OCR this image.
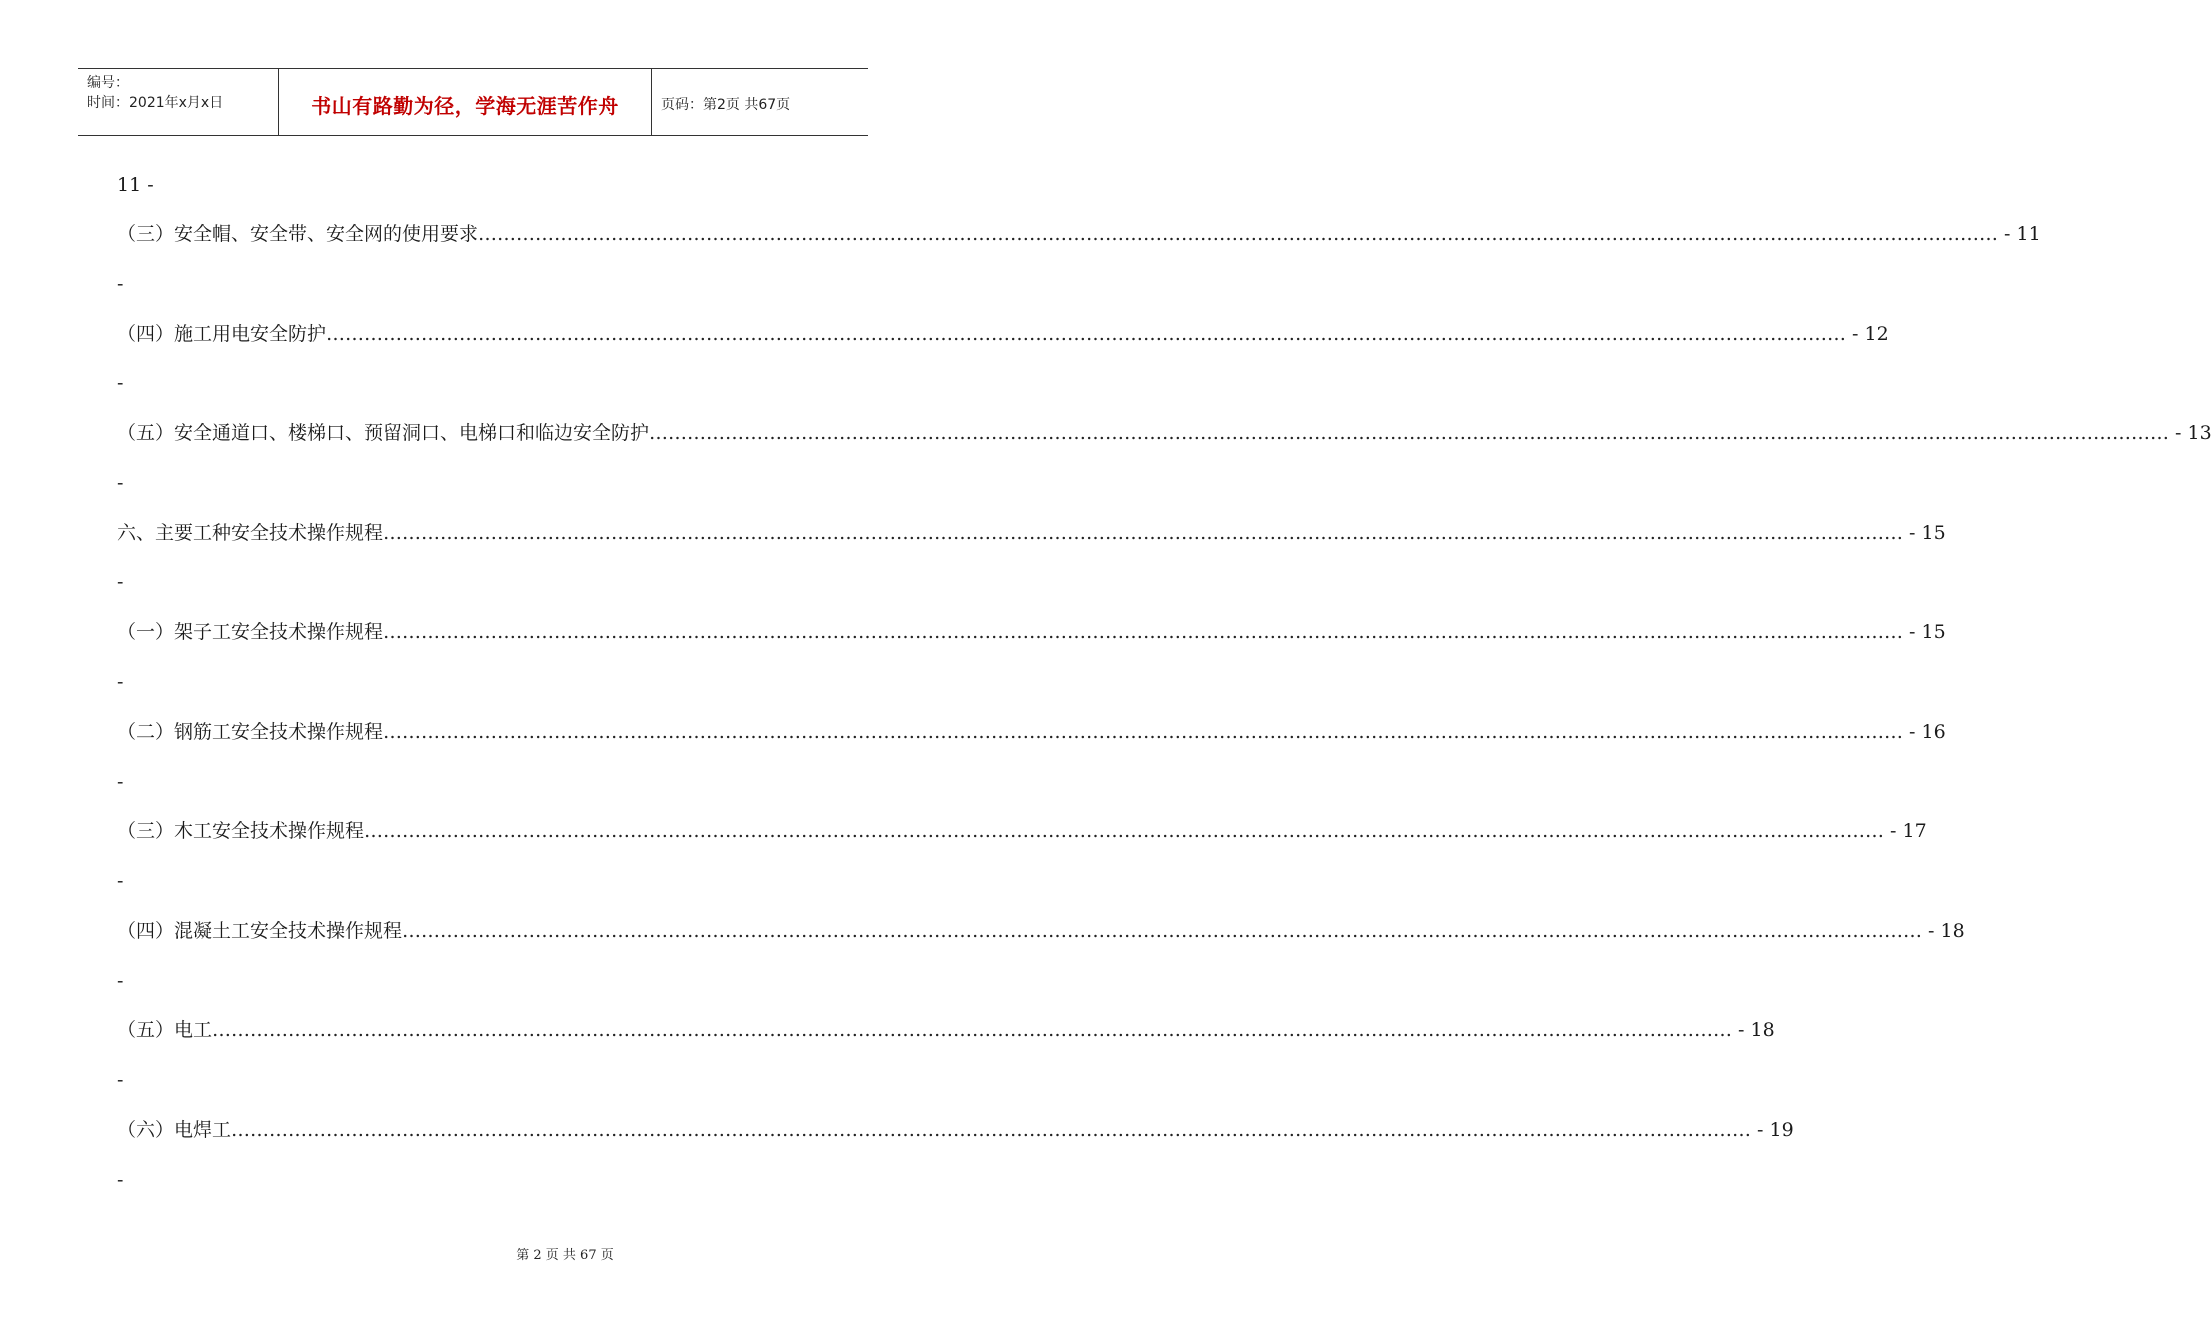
编号：
时间：2021年x月x日	书山有路勤为径，学海无涯苦作舟	页码：第2页 共67页
11 -
（三）安全帽、安全带、安全网的使用要求 …………………………………………………………………………………………………………………………………………………………………………………………………………………… - 11
-
（四）施工用电安全防护 …………………………………………………………………………………………………………………………………………………………………………………………………………………… - 12
-
（五）安全通道口、楼梯口、预留洞口、电梯口和临边安全防护 …………………………………………………………………………………………………………………………………………………………………………………………………………………… - 13
-
六、主要工种安全技术操作规程 …………………………………………………………………………………………………………………………………………………………………………………………………………………… - 15
-
（一）架子工安全技术操作规程 …………………………………………………………………………………………………………………………………………………………………………………………………………………… - 15
-
（二）钢筋工安全技术操作规程 …………………………………………………………………………………………………………………………………………………………………………………………………………………… - 16
-
（三）木工安全技术操作规程 …………………………………………………………………………………………………………………………………………………………………………………………………………………… - 17
-
（四）混凝土工安全技术操作规程 …………………………………………………………………………………………………………………………………………………………………………………………………………………… - 18
-
（五）电工 …………………………………………………………………………………………………………………………………………………………………………………………………………………… - 18
-
（六）电焊工 …………………………………………………………………………………………………………………………………………………………………………………………………………………… - 19
-
第 2 页 共 67 页
